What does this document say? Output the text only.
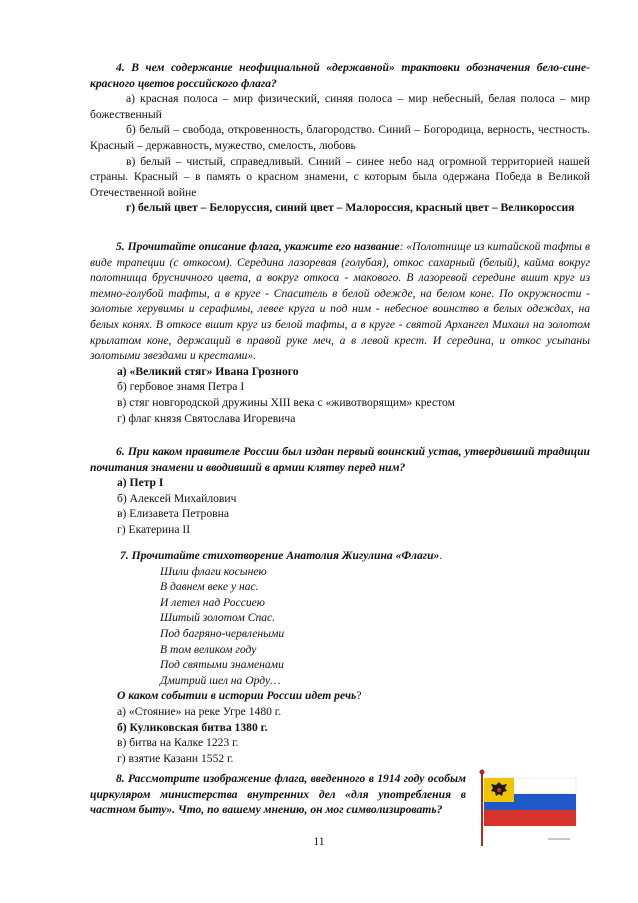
4. В чем содержание неофициальной «державной» трактовки обозначения бело-сине-красного цветов российского флага?

а) красная полоса – мир физический, синяя полоса – мир небесный, белая полоса – мир божественный

б) белый – свобода, откровенность, благородство. Синий – Богородица, верность, честность. Красный – державность, мужество, смелость, любовь

в) белый – чистый, справедливый. Синий – синее небо над огромной территорией нашей страны. Красный – в память о красном знамени, с которым была одержана Победа в Великой Отечественной войне

г) белый цвет – Белоруссия, синий цвет – Малороссия, красный цвет – Великороссия

5. Прочитайте описание флага, укажите его название: «Полотнище из китайской тафты в виде трапеции (с откосом). Середина лазоревая (голубая), откос сахарный (белый), кайма вокруг полотнища брусничного цвета, а вокруг откоса - макового. В лазоревой середине вшит круг из темно-голубой тафты, а в круге - Спаситель в белой одежде, на белом коне. По окружности - золотые херувимы и серафимы, левее круга и под ним - небесное воинство в белых одеждах, на белых конях. В откосе вшит круг из белой тафты, а в круге - святой Архангел Михаил на золотом крылатом коне, держащий в правой руке меч, а в левой крест. И середина, и откос усыпаны золотыми звездами и крестами».

а) «Великий стяг» Ивана Грозного

б) гербовое знамя Петра I

в) стяг новгородской дружины XIII века с «животворящим» крестом

г) флаг князя Святослава Игоревича

6. При каком правителе России был издан первый воинский устав, утвердивший традиции почитания знамени и вводивший в армии клятву перед ним?

а) Петр I

б) Алексей Михайлович

в) Елизавета Петровна

г) Екатерина II

7. Прочитайте стихотворение Анатолия Жигулина «Флаги».

Шили флаги косынею
В давнем веке у нас.
И летел над Россиею
Шитый золотом Спас.
Под багряно-червлеными
В том великом году
Под святыми знаменами
Дмитрий шел на Орду…

О каком событии в истории России идет речь?

а) «Стояние» на реке Угре 1480 г.

б) Куликовская битва 1380 г.

в) битва на Калке 1223 г.

г) взятие Казани 1552 г.

8. Рассмотрите изображение флага, введенного в 1914 году особым циркуляром министерства внутренних дел «для употребления в частном быту». Что, по вашему мнению, он мог символизировать?

11
